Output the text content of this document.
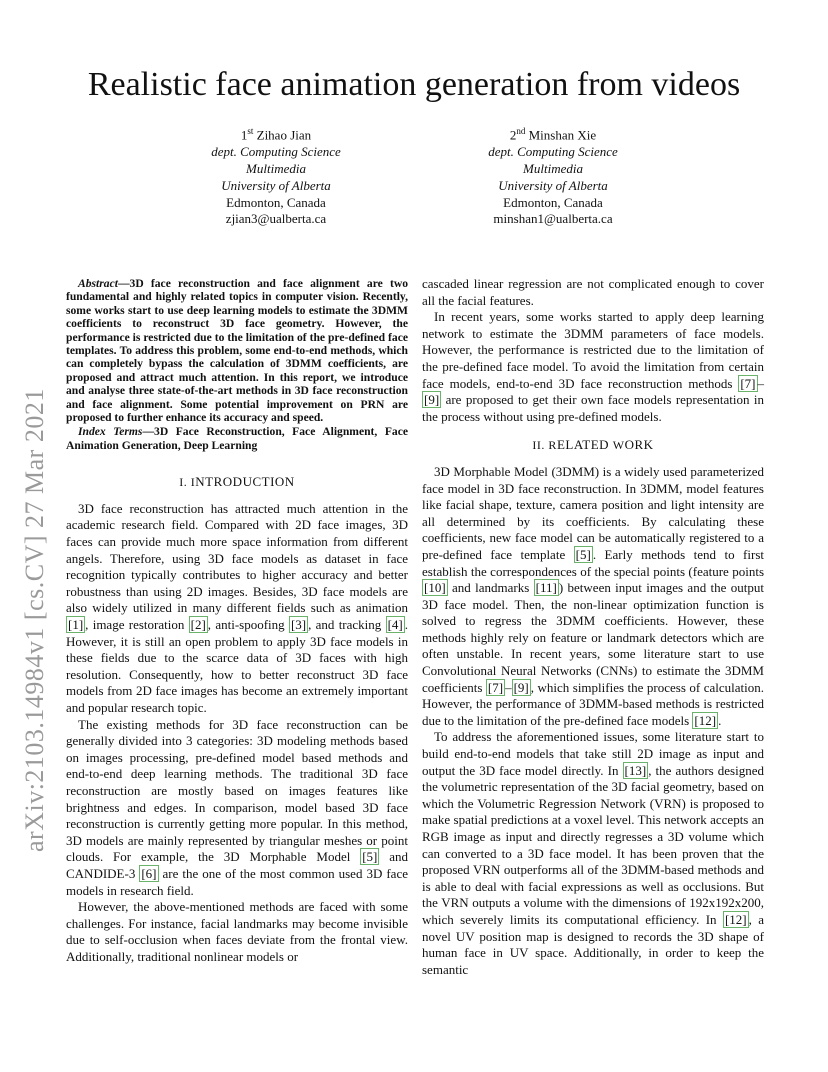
arXiv:2103.14984v1 [cs.CV] 27 Mar 2021
Realistic face animation generation from videos
1st Zihao Jian
dept. Computing Science
Multimedia
University of Alberta
Edmonton, Canada
zjian3@ualberta.ca
2nd Minshan Xie
dept. Computing Science
Multimedia
University of Alberta
Edmonton, Canada
minshan1@ualberta.ca

Abstract—3D face reconstruction and face alignment are two fundamental and highly related topics in computer vision. Recently, some works start to use deep learning models to estimate the 3DMM coefficients to reconstruct 3D face geometry. However, the performance is restricted due to the limitation of the pre-defined face templates. To address this problem, some end-to-end methods, which can completely bypass the calculation of 3DMM coefficients, are proposed and attract much attention. In this report, we introduce and analyse three state-of-the-art methods in 3D face reconstruction and face alignment. Some potential improvement on PRN are proposed to further enhance its accuracy and speed.

Index Terms—3D Face Reconstruction, Face Alignment, Face Animation Generation, Deep Learning

I. INTRODUCTION

3D face reconstruction has attracted much attention in the academic research field. Compared with 2D face images, 3D faces can provide much more space information from different angels. Therefore, using 3D face models as dataset in face recognition typically contributes to higher accuracy and better robustness than using 2D images. Besides, 3D face models are also widely utilized in many different fields such as animation [1] , image restoration [2] , anti-spoofing [3] , and tracking [4] . However, it is still an open problem to apply 3D face models in these fields due to the scarce data of 3D faces with high resolution. Consequently, how to better reconstruct 3D face models from 2D face images has become an extremely important and popular research topic.

The existing methods for 3D face reconstruction can be generally divided into 3 categories: 3D modeling methods based on images processing, pre-defined model based methods and end-to-end deep learning methods. The traditional 3D face reconstruction are mostly based on images features like brightness and edges. In comparison, model based 3D face reconstruction is currently getting more popular. In this method, 3D models are mainly represented by triangular meshes or point clouds. For example, the 3D Morphable Model [5] and CANDIDE-3 [6] are the one of the most common used 3D face models in research field.

However, the above-mentioned methods are faced with some challenges. For instance, facial landmarks may become invisible due to self-occlusion when faces deviate from the frontal view. Additionally, traditional nonlinear models or

cascaded linear regression are not complicated enough to cover all the facial features.

In recent years, some works started to apply deep learning network to estimate the 3DMM parameters of face models. However, the performance is restricted due to the limitation of the pre-defined face model. To avoid the limitation from certain face models, end-to-end 3D face reconstruction methods [7] –[9] are proposed to get their own face models representation in the process without using pre-defined models.

II. RELATED WORK

3D Morphable Model (3DMM) is a widely used parameterized face model in 3D face reconstruction. In 3DMM, model features like facial shape, texture, camera position and light intensity are all determined by its coefficients. By calculating these coefficients, new face model can be automatically registered to a pre-defined face template [5] . Early methods tend to first establish the correspondences of the special points (feature points [10] and landmarks [11] ) between input images and the output 3D face model. Then, the non-linear optimization function is solved to regress the 3DMM coefficients. However, these methods highly rely on feature or landmark detectors which are often unstable. In recent years, some literature start to use Convolutional Neural Networks (CNNs) to estimate the 3DMM coefficients [7] – [9] , which simplifies the process of calculation. However, the performance of 3DMM-based methods is restricted due to the limitation of the pre-defined face models [12] .

To address the aforementioned issues, some literature start to build end-to-end models that take still 2D image as input and output the 3D face model directly. In [13] , the authors designed the volumetric representation of the 3D facial geometry, based on which the Volumetric Regression Network (VRN) is proposed to make spatial predictions at a voxel level. This network accepts an RGB image as input and directly regresses a 3D volume which can converted to a 3D face model. It has been proven that the proposed VRN outperforms all of the 3DMM-based methods and is able to deal with facial expressions as well as occlusions. But the VRN outputs a volume with the dimensions of 192x192x200, which severely limits its computational efficiency. In [12] , a novel UV position map is designed to records the 3D shape of human face in UV space. Additionally, in order to keep the semantic
